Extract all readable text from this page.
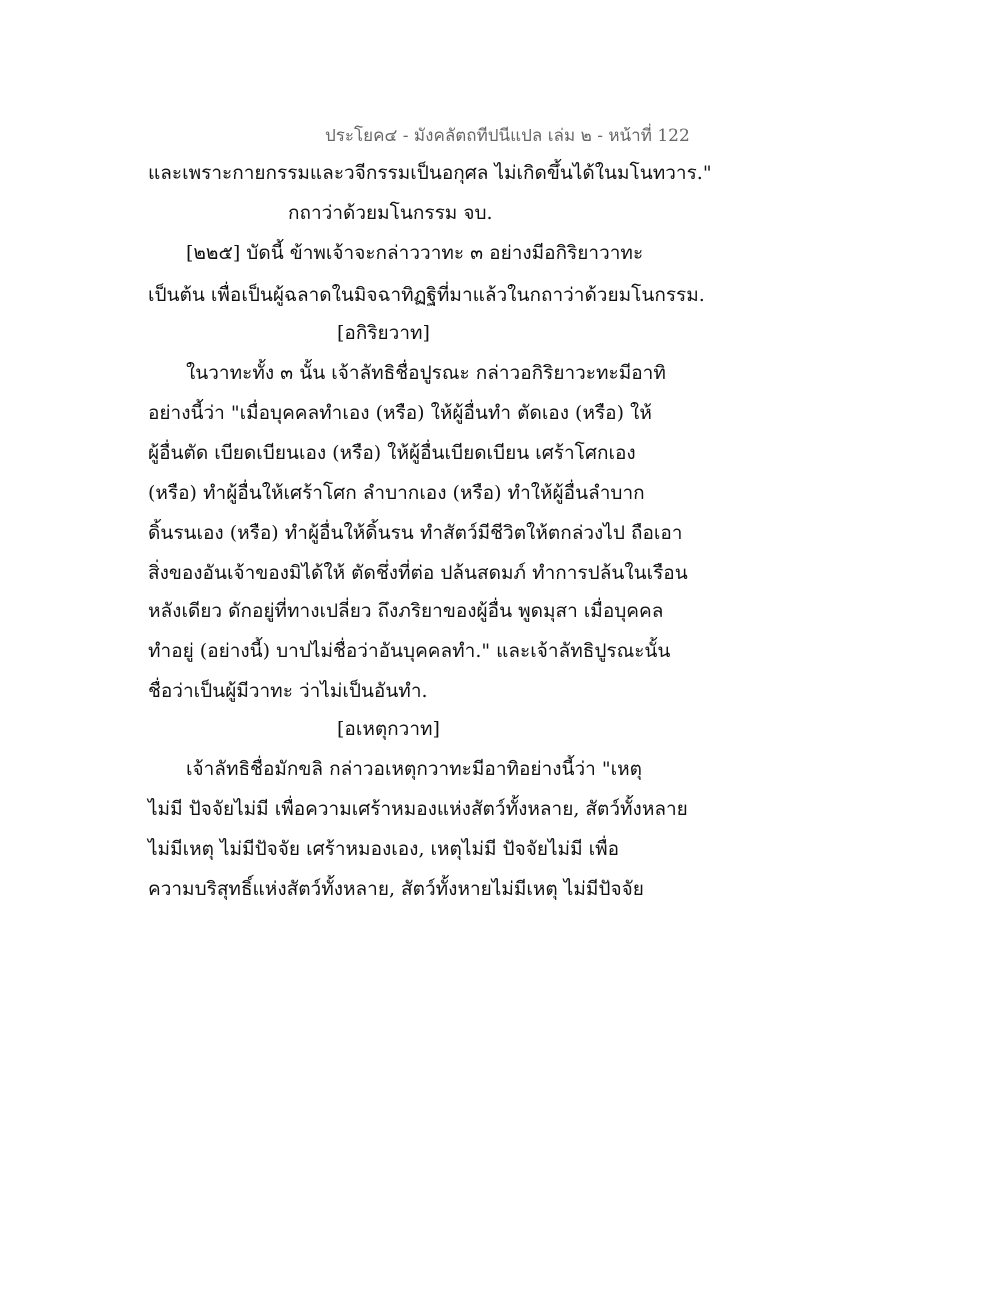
ประโยค๔ - มังคลัตถทีปนีแปล เล่ม ๒ - หน้าที่ 122
และเพราะกายกรรมและวจีกรรมเป็นอกุศล ไม่เกิดขึ้นได้ในมโนทวาร."
กถาว่าด้วยมโนกรรม จบ.
[๒๒๕] บัดนี้ ข้าพเจ้าจะกล่าววาทะ ๓ อย่างมีอกิริยาวาทะ
เป็นต้น เพื่อเป็นผู้ฉลาดในมิจฉาทิฏฐิที่มาแล้วในกถาว่าด้วยมโนกรรม.
[อกิริยวาท]
ในวาทะทั้ง ๓ นั้น เจ้าลัทธิชื่อปูรณะ กล่าวอกิริยาวะทะมีอาทิ
อย่างนี้ว่า "เมื่อบุคคลทำเอง (หรือ) ให้ผู้อื่นทำ ตัดเอง (หรือ) ให้
ผู้อื่นตัด เบียดเบียนเอง (หรือ) ให้ผู้อื่นเบียดเบียน เศร้าโศกเอง
(หรือ) ทำผู้อื่นให้เศร้าโศก ลำบากเอง (หรือ) ทำให้ผู้อื่นลำบาก
ดิ้นรนเอง (หรือ) ทำผู้อื่นให้ดิ้นรน ทำสัตว์มีชีวิตให้ตกล่วงไป ถือเอา
สิ่งของอันเจ้าของมิได้ให้ ตัดชึ่งที่ต่อ ปล้นสดมภ์ ทำการปล้นในเรือน
หลังเดียว ดักอยู่ที่ทางเปลี่ยว ถึงภริยาของผู้อื่น พูดมุสา เมื่อบุคคล
ทำอยู่ (อย่างนี้) บาปไม่ชื่อว่าอันบุคคลทำ." และเจ้าลัทธิปูรณะนั้น
ชื่อว่าเป็นผู้มีวาทะ ว่าไม่เป็นอันทำ.
[อเหตุกวาท]
เจ้าลัทธิชื่อมักขลิ กล่าวอเหตุกวาทะมีอาทิอย่างนี้ว่า "เหตุ
ไม่มี ปัจจัยไม่มี เพื่อความเศร้าหมองแห่งสัตว์ทั้งหลาย, สัตว์ทั้งหลาย
ไม่มีเหตุ ไม่มีปัจจัย เศร้าหมองเอง, เหตุไม่มี ปัจจัยไม่มี เพื่อ
ความบริสุทธิ์แห่งสัตว์ทั้งหลาย, สัตว์ทั้งหายไม่มีเหตุ ไม่มีปัจจัย
